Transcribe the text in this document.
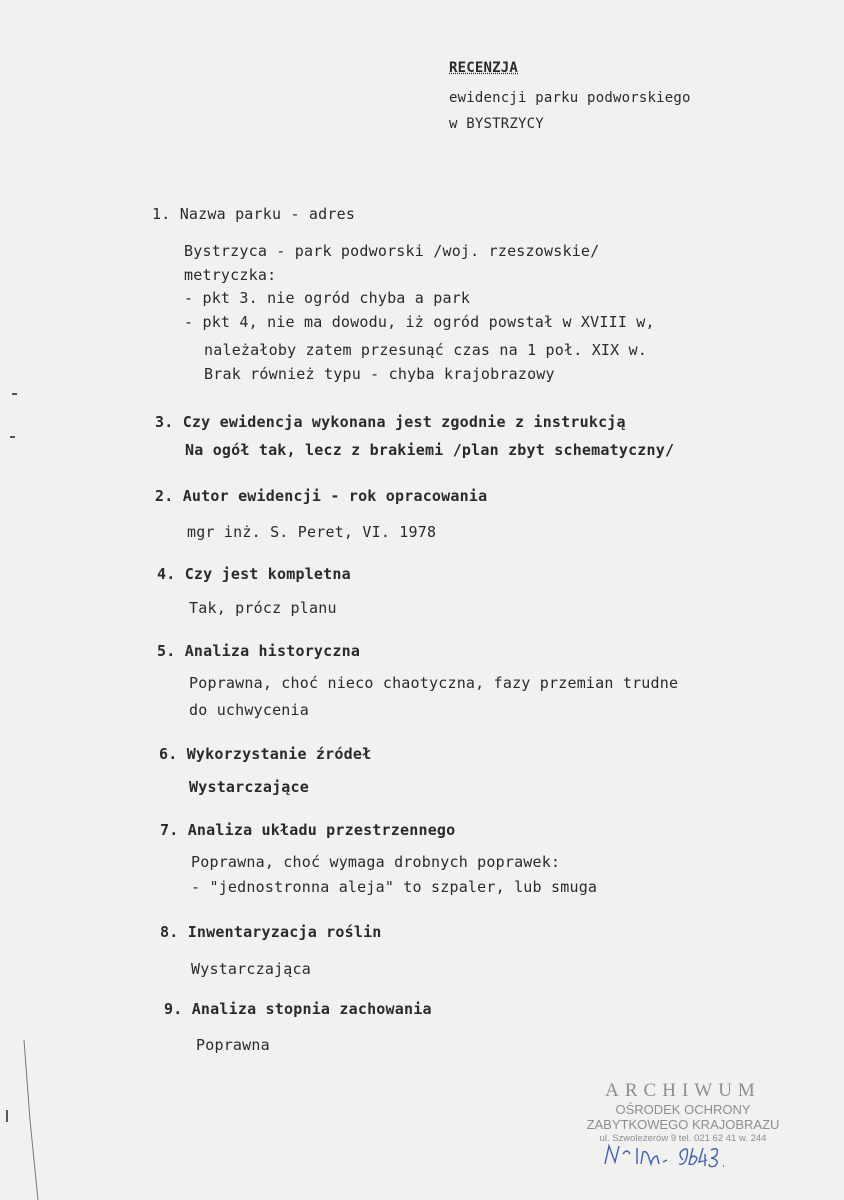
RECENZJA
ewidencji parku podworskiego
w BYSTRZYCY
1. Nazwa parku - adres
Bystrzyca - park podworski /woj. rzeszowskie/
metryczka:
- pkt 3. nie ogród chyba a park
- pkt 4, nie ma dowodu, iż ogród powstał w XVIII w,
należałoby zatem przesunąć czas na 1 poł. XIX w.
Brak również typu - chyba krajobrazowy
3. Czy ewidencja wykonana jest zgodnie z instrukcją
Na ogół tak, lecz z brakiemi /plan zbyt schematyczny/
2. Autor ewidencji - rok opracowania
mgr inż. S. Peret, VI. 1978
4. Czy jest kompletna
Tak, prócz planu
5. Analiza historyczna
Poprawna, choć nieco chaotyczna, fazy przemian trudne
do uchwycenia
6. Wykorzystanie źródeł
Wystarczające
7. Analiza układu przestrzennego
Poprawna, choć wymaga drobnych poprawek:
- "jednostronna aleja" to szpaler, lub smuga
8. Inwentaryzacja roślin
Wystarczająca
9. Analiza stopnia zachowania
Poprawna
ARCHIWUM
OŚRODEK OCHRONY
ZABYTKOWEGO KRAJOBRAZU
ul. Szwoleżerów 9 tel. 021 62 41 w. 244
